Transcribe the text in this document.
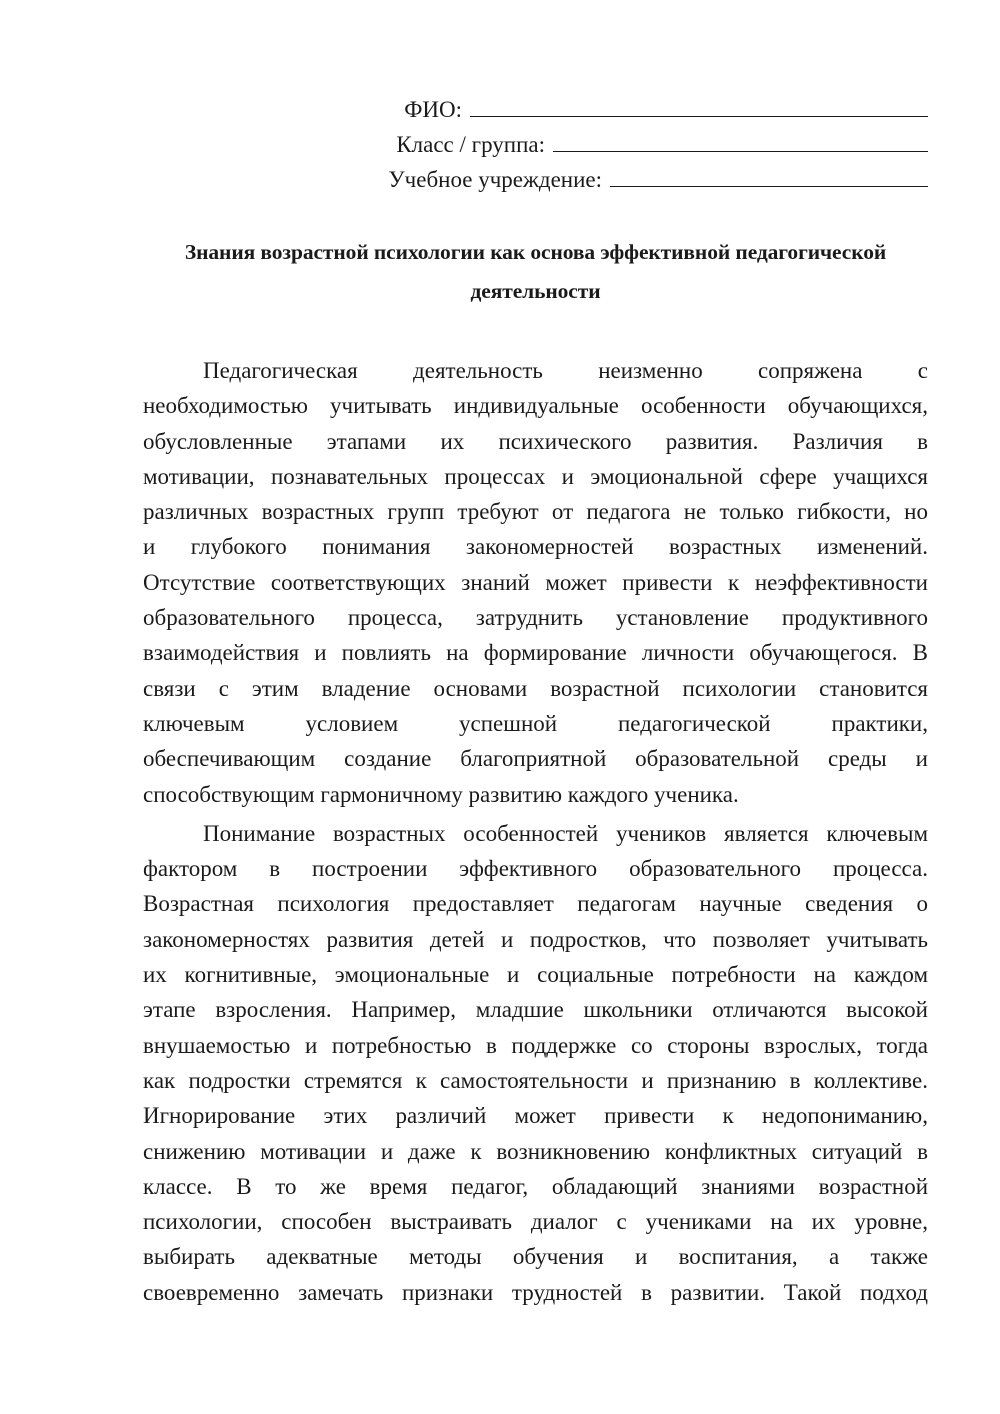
ФИО:
Класс / группа:
Учебное учреждение:
Знания возрастной психологии как основа эффективной педагогической
деятельности
Педагогическая деятельность неизменно сопряжена с
необходимостью учитывать индивидуальные особенности обучающихся,
обусловленные этапами их психического развития. Различия в
мотивации, познавательных процессах и эмоциональной сфере учащихся
различных возрастных групп требуют от педагога не только гибкости, но
и глубокого понимания закономерностей возрастных изменений.
Отсутствие соответствующих знаний может привести к неэффективности
образовательного процесса, затруднить установление продуктивного
взаимодействия и повлиять на формирование личности обучающегося. В
связи с этим владение основами возрастной психологии становится
ключевым условием успешной педагогической практики,
обеспечивающим создание благоприятной образовательной среды и
способствующим гармоничному развитию каждого ученика.
Понимание возрастных особенностей учеников является ключевым
фактором в построении эффективного образовательного процесса.
Возрастная психология предоставляет педагогам научные сведения о
закономерностях развития детей и подростков, что позволяет учитывать
их когнитивные, эмоциональные и социальные потребности на каждом
этапе взросления. Например, младшие школьники отличаются высокой
внушаемостью и потребностью в поддержке со стороны взрослых, тогда
как подростки стремятся к самостоятельности и признанию в коллективе.
Игнорирование этих различий может привести к недопониманию,
снижению мотивации и даже к возникновению конфликтных ситуаций в
классе. В то же время педагог, обладающий знаниями возрастной
психологии, способен выстраивать диалог с учениками на их уровне,
выбирать адекватные методы обучения и воспитания, а также
своевременно замечать признаки трудностей в развитии. Такой подход
